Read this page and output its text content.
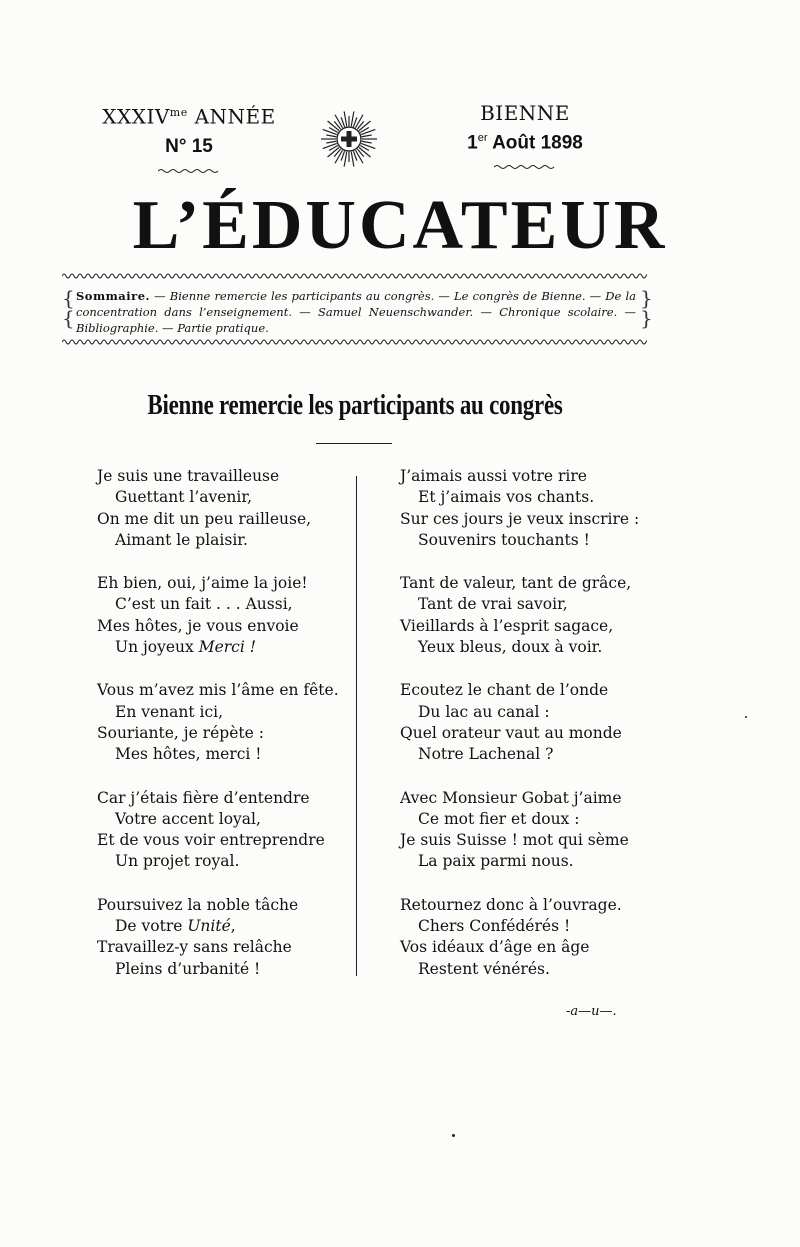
$XXXIV^{me}$ ANNÉE
N° 15
BIENNE
1er Août 1898
L’ÉDUCATEUR
{
{
Sommaire. — Bienne remercie les participants au congrès. — Le congrès de Bienne. — De la concentration dans l’enseignement. — Samuel Neuenschwander. — Chronique scolaire. — Bibliographie. — Partie pratique.
}
}
Bienne remercie les participants au congrès
Je suis une travailleuse
Guettant l’avenir,
On me dit un peu railleuse,
Aimant le plaisir.
Eh bien, oui, j’aime la joie!
C’est un fait . . . Aussi,
Mes hôtes, je vous envoie
Un joyeux Merci !
Vous m’avez mis l’âme en fête.
En venant ici,
Souriante, je répète :
Mes hôtes, merci !
Car j’étais fière d’entendre
Votre accent loyal,
Et de vous voir entreprendre
Un projet royal.
Poursuivez la noble tâche
De votre Unité,
Travaillez-y sans relâche
Pleins d’urbanité !
J’aimais aussi votre rire
Et j’aimais vos chants.
Sur ces jours je veux inscrire :
Souvenirs touchants !
Tant de valeur, tant de grâce,
Tant de vrai savoir,
Vieillards à l’esprit sagace,
Yeux bleus, doux à voir.
Ecoutez le chant de l’onde
Du lac au canal :
Quel orateur vaut au monde
Notre Lachenal ?
Avec Monsieur Gobat j’aime
Ce mot fier et doux :
Je suis Suisse ! mot qui sème
La paix parmi nous.
Retournez donc à l’ouvrage.
Chers Confédérés !
Vos idéaux d’âge en âge
Restent vénérés.
-a—u—.
